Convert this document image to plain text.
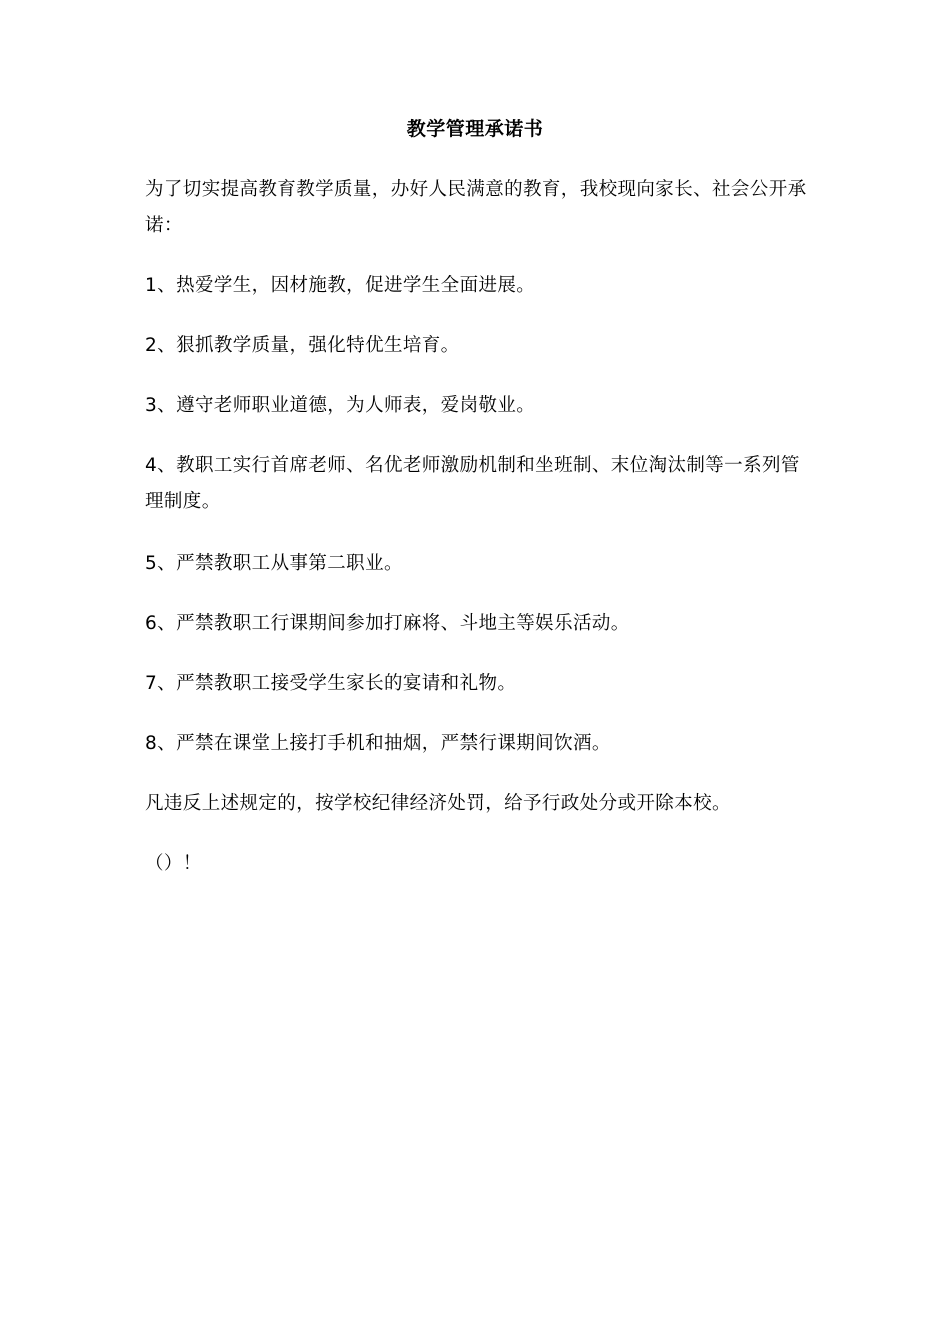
教学管理承诺书

为了切实提高教育教学质量，办好人民满意的教育，我校现向家长、社会公开承诺：

1、热爱学生，因材施教，促进学生全面进展。

2、狠抓教学质量，强化特优生培育。

3、遵守老师职业道德，为人师表，爱岗敬业。

4、教职工实行首席老师、名优老师激励机制和坐班制、末位淘汰制等一系列管理制度。

5、严禁教职工从事第二职业。

6、严禁教职工行课期间参加打麻将、斗地主等娱乐活动。

7、严禁教职工接受学生家长的宴请和礼物。

8、严禁在课堂上接打手机和抽烟，严禁行课期间饮酒。

凡违反上述规定的，按学校纪律经济处罚，给予行政处分或开除本校。

（）！
